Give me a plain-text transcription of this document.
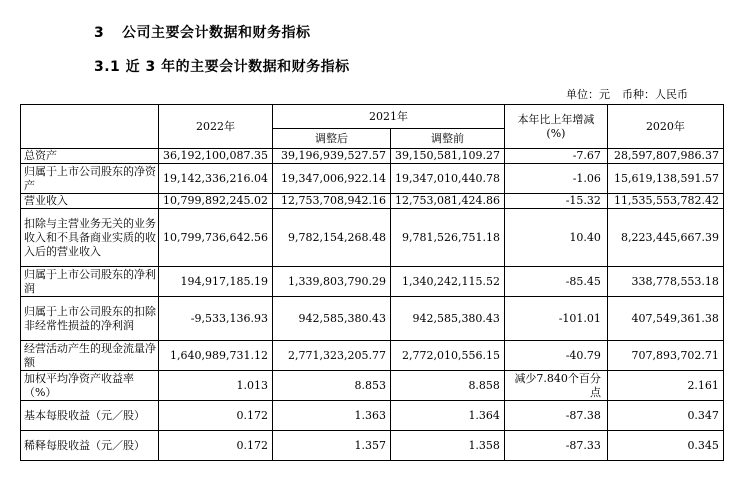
3 公司主要会计数据和财务指标
3.1 近 3 年的主要会计数据和财务指标
单位：元 币种：人民币
	2022年	2021年		本年比上年增减(%)	2020年
		调整后	调整前		
总资产	36,192,100,087.35	39,196,939,527.57	39,150,581,109.27	-7.67	28,597,807,986.37
归属于上市公司股东的净资产	19,142,336,216.04	19,347,006,922.14	19,347,010,440.78	-1.06	15,619,138,591.57
营业收入	10,799,892,245.02	12,753,708,942.16	12,753,081,424.86	-15.32	11,535,553,782.42
扣除与主营业务无关的业务收入和不具备商业实质的收入后的营业收入	10,799,736,642.56	9,782,154,268.48	9,781,526,751.18	10.40	8,223,445,667.39
归属于上市公司股东的净利润	194,917,185.19	1,339,803,790.29	1,340,242,115.52	-85.45	338,778,553.18
归属于上市公司股东的扣除非经常性损益的净利润	-9,533,136.93	942,585,380.43	942,585,380.43	-101.01	407,549,361.38
经营活动产生的现金流量净额	1,640,989,731.12	2,771,323,205.77	2,772,010,556.15	-40.79	707,893,702.71
加权平均净资产收益率（%）	1.013	8.853	8.858	减少7.840个百分点	2.161
基本每股收益（元／股）	0.172	1.363	1.364	-87.38	0.347
稀释每股收益（元／股）	0.172	1.357	1.358	-87.33	0.345
